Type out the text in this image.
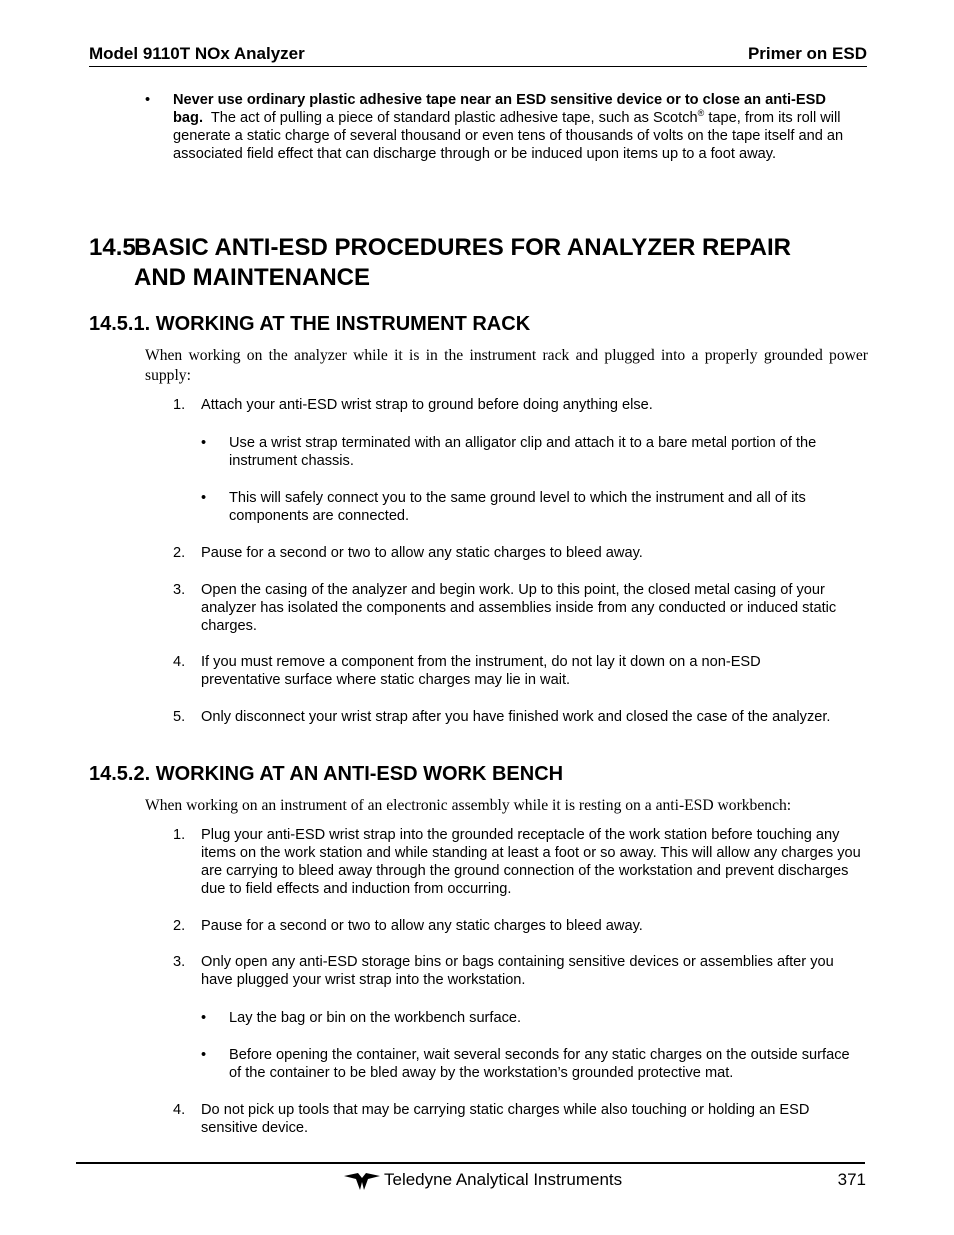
Model 9110T NOx Analyzer	Primer on ESD
• Never use ordinary plastic adhesive tape near an ESD sensitive device or to close an anti-ESD bag. The act of pulling a piece of standard plastic adhesive tape, such as Scotch® tape, from its roll will generate a static charge of several thousand or even tens of thousands of volts on the tape itself and an associated field effect that can discharge through or be induced upon items up to a foot away.

14.5.BASIC ANTI-ESD PROCEDURES FOR ANALYZER REPAIR
AND MAINTENANCE
14.5.1. WORKING AT THE INSTRUMENT RACK

When working on the analyzer while it is in the instrument rack and plugged into a properly grounded power supply:

1. Attach your anti-ESD wrist strap to ground before doing anything else.

• Use a wrist strap terminated with an alligator clip and attach it to a bare metal portion of the instrument chassis.

• This will safely connect you to the same ground level to which the instrument and all of its components are connected.

2. Pause for a second or two to allow any static charges to bleed away.

3. Open the casing of the analyzer and begin work. Up to this point, the closed metal casing of your analyzer has isolated the components and assemblies inside from any conducted or induced static charges.

4. If you must remove a component from the instrument, do not lay it down on a non-ESD preventative surface where static charges may lie in wait.

5. Only disconnect your wrist strap after you have finished work and closed the case of the analyzer.

14.5.2. WORKING AT AN ANTI-ESD WORK BENCH

When working on an instrument of an electronic assembly while it is resting on a anti-ESD workbench:

1. Plug your anti-ESD wrist strap into the grounded receptacle of the work station before touching any items on the work station and while standing at least a foot or so away. This will allow any charges you are carrying to bleed away through the ground connection of the workstation and prevent discharges due to field effects and induction from occurring.

2. Pause for a second or two to allow any static charges to bleed away.

3. Only open any anti-ESD storage bins or bags containing sensitive devices or assemblies after you have plugged your wrist strap into the workstation.

• Lay the bag or bin on the workbench surface.

• Before opening the container, wait several seconds for any static charges on the outside surface of the container to be bled away by the workstation’s grounded protective mat.

4. Do not pick up tools that may be carrying static charges while also touching or holding an ESD sensitive device.

Teledyne Analytical Instruments	371
